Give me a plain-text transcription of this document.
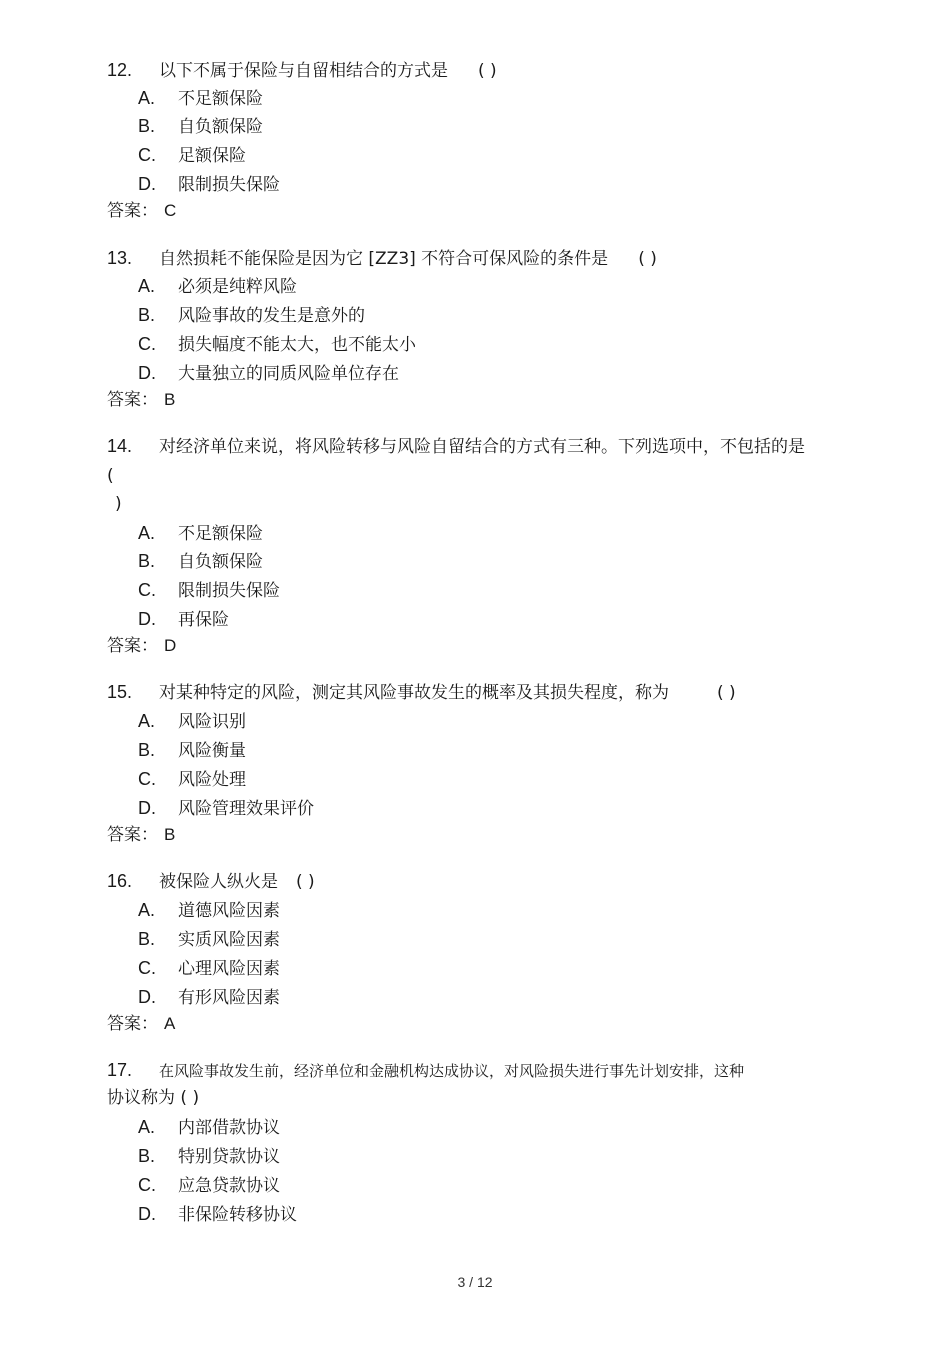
12. 以下不属于保险与自留相结合的方式是 ( )
A. 不足额保险
B. 自负额保险
C. 足额保险
D. 限制损失保险
答案： C
13. 自然损耗不能保险是因为它 [ZZ3] 不符合可保风险的条件是 ( )
A. 必须是纯粹风险
B. 风险事故的发生是意外的
C. 损失幅度不能太大，也不能太小
D. 大量独立的同质风险单位存在
答案： B
14. 对经济单位来说，将风险转移与风险自留结合的方式有三种。下列选项中，不包括的是
(
)
A. 不足额保险
B. 自负额保险
C. 限制损失保险
D. 再保险
答案： D
15. 对某种特定的风险，测定其风险事故发生的概率及其损失程度，称为	( )
A. 风险识别
B. 风险衡量
C. 风险处理
D. 风险管理效果评价
答案： B
16. 被保险人纵火是 ( )
A. 道德风险因素
B. 实质风险因素
C. 心理风险因素
D. 有形风险因素
答案： A
17. 在风险事故发生前，经济单位和金融机构达成协议，对风险损失进行事先计划安排，这种
协议称为 ( )
A. 内部借款协议
B. 特别贷款协议
C. 应急贷款协议
D. 非保险转移协议
3 / 12
